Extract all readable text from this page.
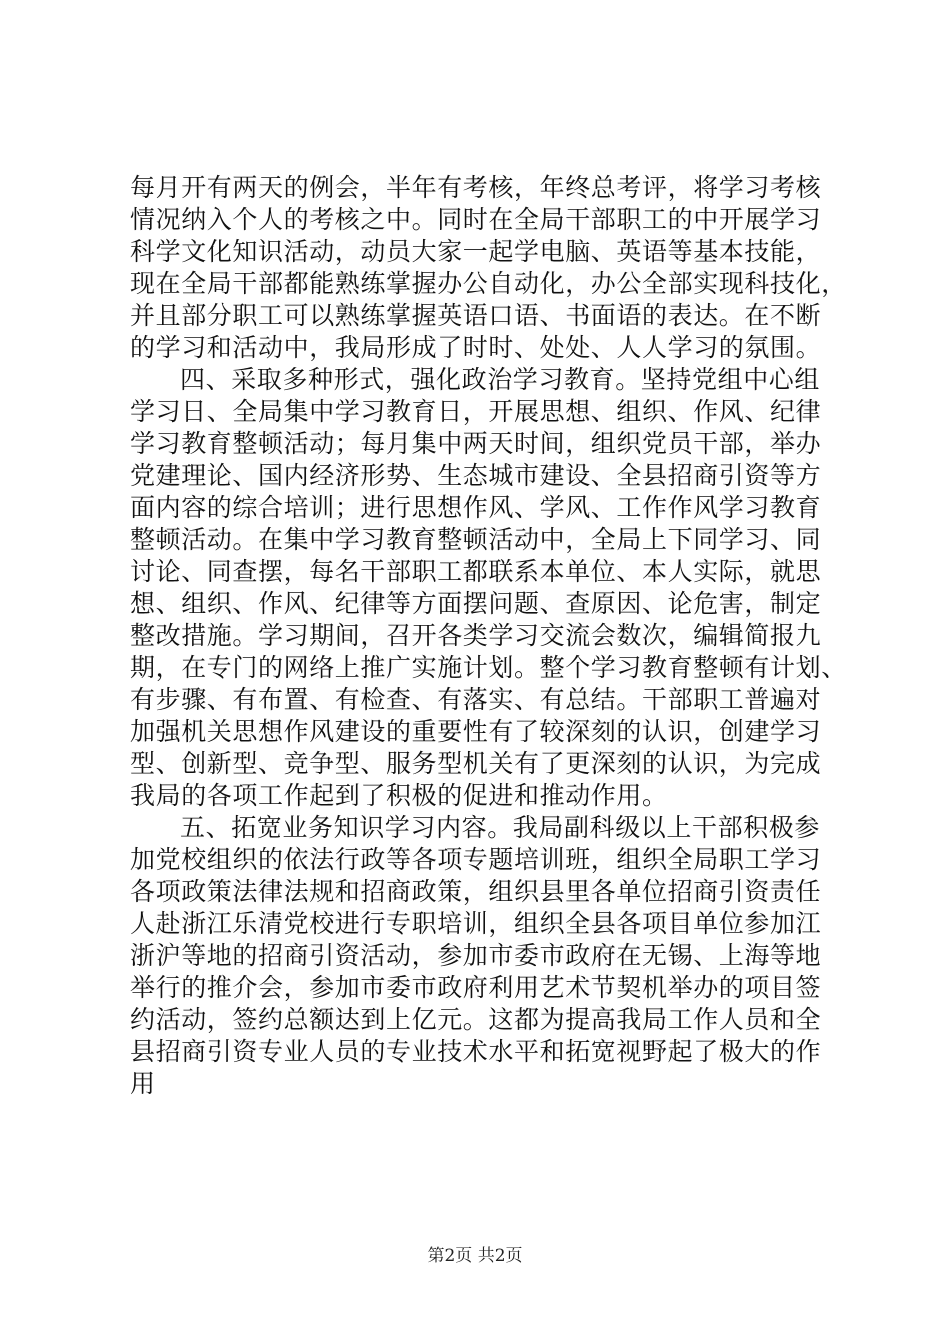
每月开有两天的例会，半年有考核，年终总考评，将学习考核
情况纳入个人的考核之中。同时在全局干部职工的中开展学习
科学文化知识活动，动员大家一起学电脑、英语等基本技能，
现在全局干部都能熟练掌握办公自动化，办公全部实现科技化，
并且部分职工可以熟练掌握英语口语、书面语的表达。在不断
的学习和活动中，我局形成了时时、处处、人人学习的氛围。
四、采取多种形式，强化政治学习教育。坚持党组中心组
学习日、全局集中学习教育日，开展思想、组织、作风、纪律
学习教育整顿活动；每月集中两天时间，组织党员干部，举办
党建理论、国内经济形势、生态城市建设、全县招商引资等方
面内容的综合培训；进行思想作风、学风、工作作风学习教育
整顿活动。在集中学习教育整顿活动中，全局上下同学习、同
讨论、同查摆，每名干部职工都联系本单位、本人实际，就思
想、组织、作风、纪律等方面摆问题、查原因、论危害，制定
整改措施。学习期间，召开各类学习交流会数次，编辑简报九
期，在专门的网络上推广实施计划。整个学习教育整顿有计划、
有步骤、有布置、有检查、有落实、有总结。干部职工普遍对
加强机关思想作风建设的重要性有了较深刻的认识，创建学习
型、创新型、竞争型、服务型机关有了更深刻的认识，为完成
我局的各项工作起到了积极的促进和推动作用。
五、拓宽业务知识学习内容。我局副科级以上干部积极参
加党校组织的依法行政等各项专题培训班，组织全局职工学习
各项政策法律法规和招商政策，组织县里各单位招商引资责任
人赴浙江乐清党校进行专职培训，组织全县各项目单位参加江
浙沪等地的招商引资活动，参加市委市政府在无锡、上海等地
举行的推介会，参加市委市政府利用艺术节契机举办的项目签
约活动，签约总额达到上亿元。这都为提高我局工作人员和全
县招商引资专业人员的专业技术水平和拓宽视野起了极大的作
用
第2页 共2页
